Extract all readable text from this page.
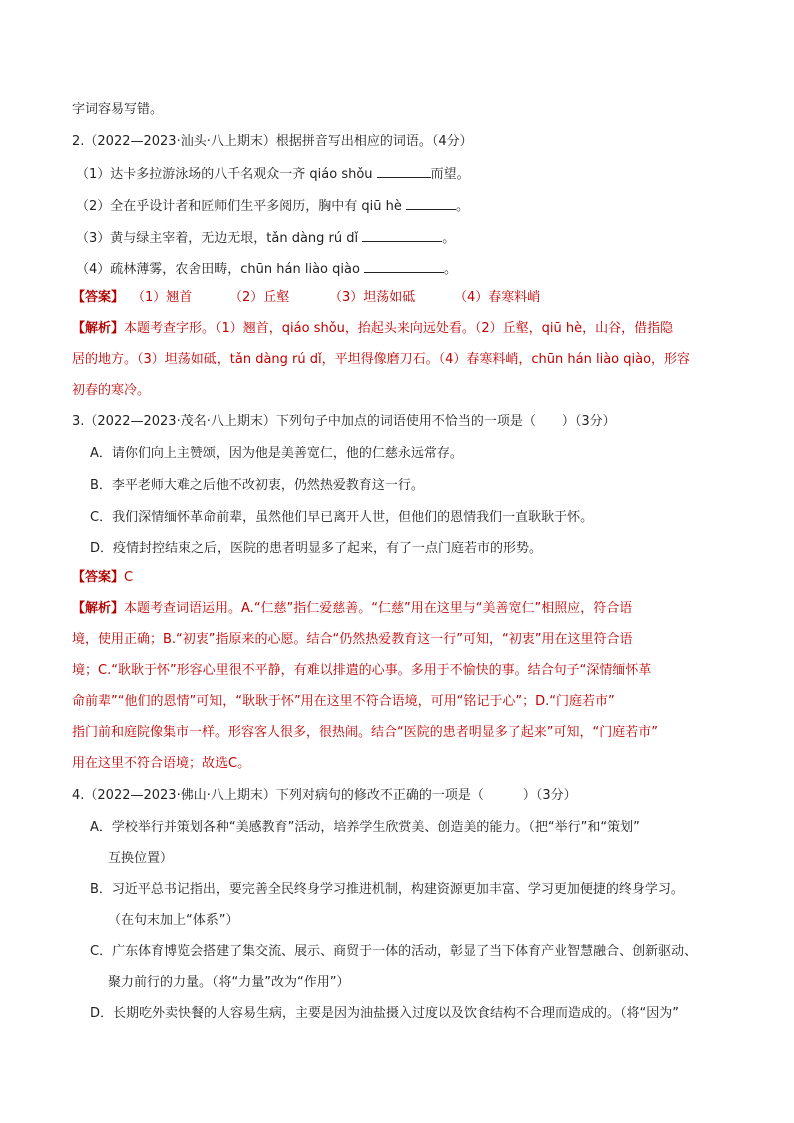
字词容易写错。
2.（2022—2023·汕头·八上期末）根据拼音写出相应的词语。（4分）
（1）达卡多拉游泳场的八千名观众一齐 qiáo shǒu	而望。
（2）全在乎设计者和匠师们生平多阅历，胸中有 qiū hè	。
（3）黄与绿主宰着，无边无垠，tǎn dàng rú dǐ	。
（4）疏林薄雾，农舍田畴，chūn hán liào qiào	。
【答案】 （1）翘首	（2）丘壑	（3）坦荡如砥	（4）春寒料峭
【解析】本题考查字形。（1）翘首，qiáo shǒu，抬起头来向远处看。（2）丘壑，qiū hè，山谷，借指隐
居的地方。（3）坦荡如砥，tǎn dàng rú dǐ，平坦得像磨刀石。（4）春寒料峭，chūn hán liào qiào，形容
初春的寒冷。
3.（2022—2023·茂名·八上期末）下列句子中加点的词语使用不恰当的一项是（　　）（3分）
A．请你们向上主赞颂，因为他是美善宽仁，他的仁慈永远常存。
B．李平老师大难之后他不改初衷，仍然热爱教育这一行。
C．我们深情缅怀革命前辈，虽然他们早已离开人世，但他们的恩情我们一直耿耿于怀。
D．疫情封控结束之后，医院的患者明显多了起来，有了一点门庭若市的形势。
【答案】C
【解析】本题考查词语运用。A.“仁慈”指仁爱慈善。“仁慈”用在这里与“美善宽仁”相照应，符合语
境，使用正确；B.“初衷”指原来的心愿。结合“仍然热爱教育这一行”可知，“初衷”用在这里符合语
境；C.“耿耿于怀”形容心里很不平静，有难以排遣的心事。多用于不愉快的事。结合句子“深情缅怀革
命前辈”“他们的恩情”可知，“耿耿于怀”用在这里不符合语境，可用“铭记于心”；D.“门庭若市”
指门前和庭院像集市一样。形容客人很多，很热闹。结合“医院的患者明显多了起来”可知，“门庭若市”
用在这里不符合语境；故选C。
4.（2022—2023·佛山·八上期末）下列对病句的修改不正确的一项是（　　　）（3分）
A．学校举行并策划各种“美感教育”活动，培养学生欣赏美、创造美的能力。（把“举行”和“策划”
互换位置）
B．习近平总书记指出，要完善全民终身学习推进机制，构建资源更加丰富、学习更加便捷的终身学习。
（在句末加上“体系”）
C．广东体育博览会搭建了集交流、展示、商贸于一体的活动，彰显了当下体育产业智慧融合、创新驱动、
聚力前行的力量。（将“力量”改为“作用”）
D．长期吃外卖快餐的人容易生病，主要是因为油盐摄入过度以及饮食结构不合理而造成的。（将“因为”
